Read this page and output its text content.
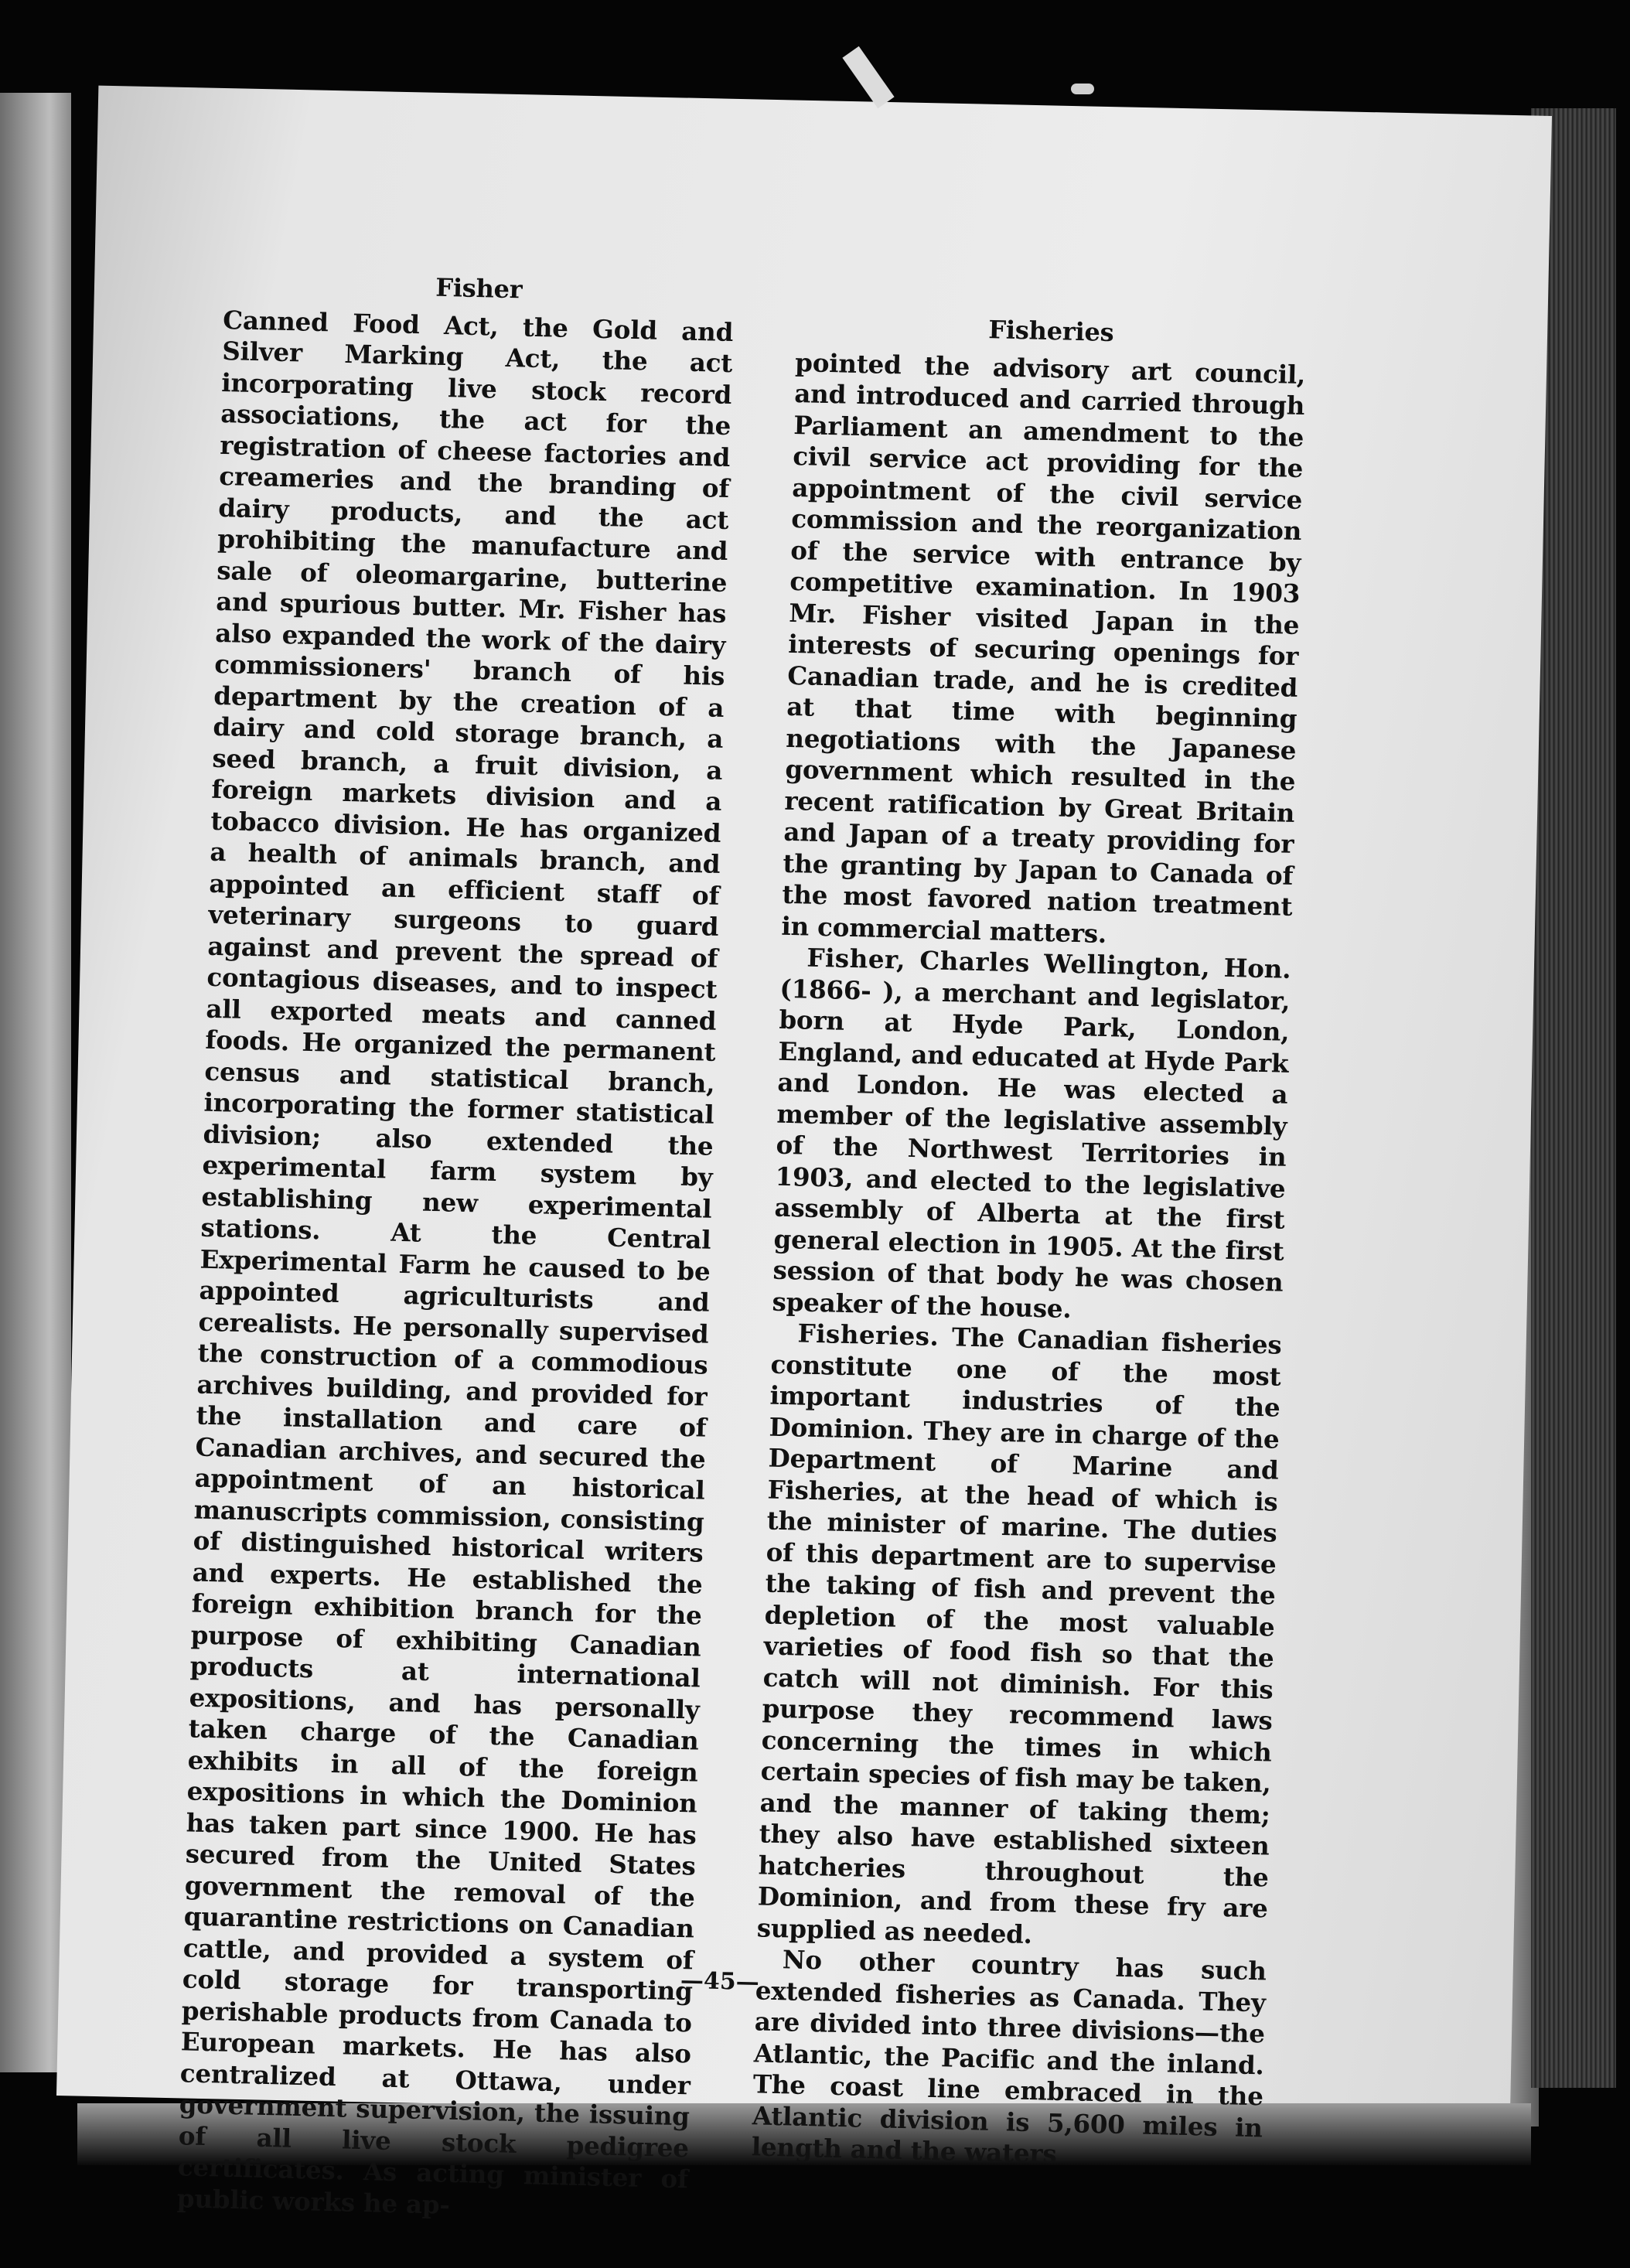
Fisher

Canned Food Act, the Gold and Silver Marking Act, the act incorporating live stock record associations, the act for the registration of cheese factories and creameries and the branding of dairy products, and the act prohibiting the manufacture and sale of oleomargarine, butterine and spurious butter. Mr. Fisher has also expanded the work of the dairy commissioners' branch of his department by the creation of a dairy and cold storage branch, a seed branch, a fruit division, a foreign markets division and a tobacco division. He has organized a health of animals branch, and appointed an efficient staff of veterinary surgeons to guard against and prevent the spread of contagious diseases, and to inspect all exported meats and canned foods. He organized the permanent census and statistical branch, incorporating the former statistical division; also extended the experimental farm system by establishing new experimental stations. At the Central Experimental Farm he caused to be appointed agriculturists and cerealists. He personally supervised the construction of a commodious archives building, and provided for the installation and care of Canadian archives, and secured the appointment of an historical manuscripts commission, consisting of distinguished historical writers and experts. He established the foreign exhibition branch for the purpose of exhibiting Canadian products at international expositions, and has personally taken charge of the Canadian exhibits in all of the foreign expositions in which the Dominion has taken part since 1900. He has secured from the United States government the removal of the quarantine restrictions on Canadian cattle, and provided a system of cold storage for transporting perishable products from Canada to European markets. He has also centralized at Ottawa, under government supervision, the issuing of all live stock pedigree certificates. As acting minister of public works he ap-

Fisheries

pointed the advisory art council, and introduced and carried through Parliament an amendment to the civil service act providing for the appointment of the civil service commission and the reorganization of the service with entrance by competitive examination. In 1903 Mr. Fisher visited Japan in the interests of securing openings for Canadian trade, and he is credited at that time with beginning negotiations with the Japanese government which resulted in the recent ratification by Great Britain and Japan of a treaty providing for the granting by Japan to Canada of the most favored nation treatment in commercial matters.

Fisher, Charles Wellington, Hon. (1866- ), a merchant and legislator, born at Hyde Park, London, England, and educated at Hyde Park and London. He was elected a member of the legislative assembly of the Northwest Territories in 1903, and elected to the legislative assembly of Alberta at the first general election in 1905. At the first session of that body he was chosen speaker of the house.

Fisheries. The Canadian fisheries constitute one of the most important industries of the Dominion. They are in charge of the Department of Marine and Fisheries, at the head of which is the minister of marine. The duties of this department are to supervise the taking of fish and prevent the depletion of the most valuable varieties of food fish so that the catch will not diminish. For this purpose they recommend laws concerning the times in which certain species of fish may be taken, and the manner of taking them; they also have established sixteen hatcheries throughout the Dominion, and from these fry are supplied as needed.

No other country has such extended fisheries as Canada. They are divided into three divisions—the Atlantic, the Pacific and the inland. The coast line embraced in the Atlantic division is 5,600 miles in length and the waters

—45—
